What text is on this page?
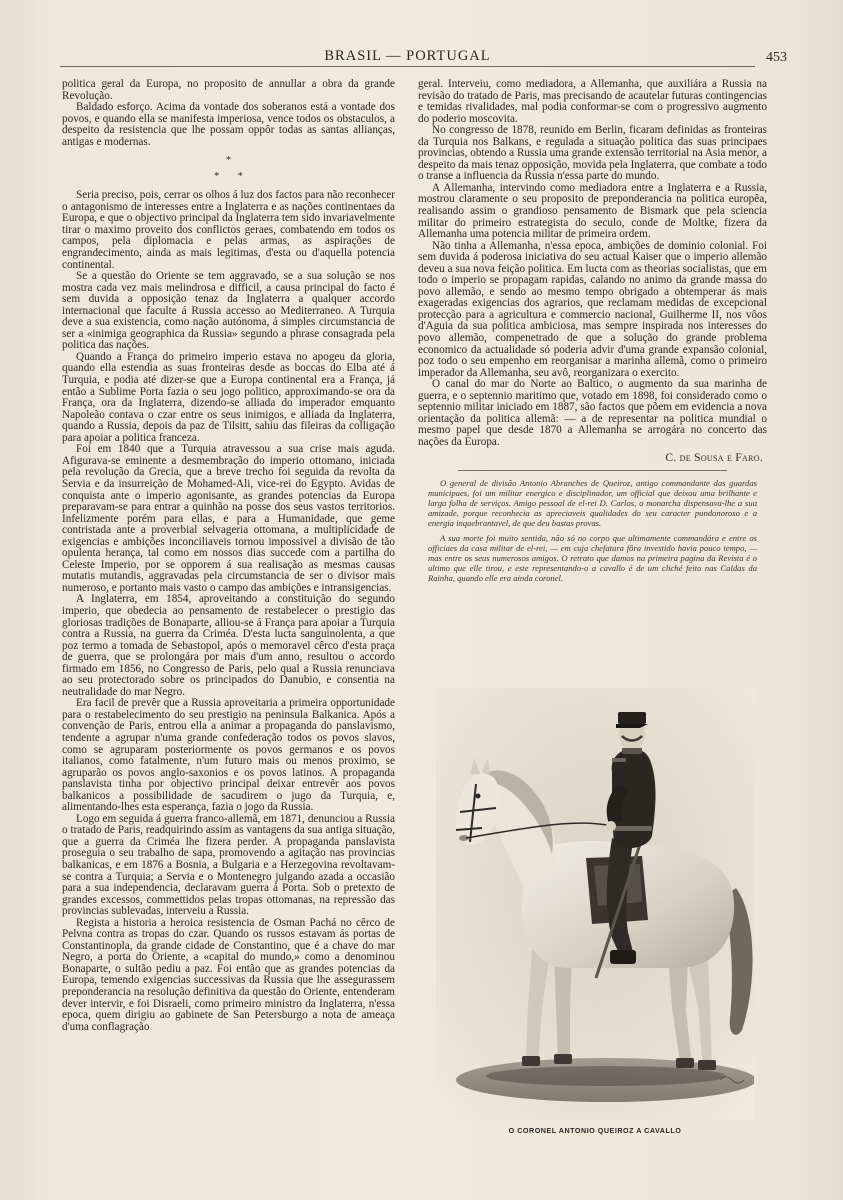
BRASIL — PORTUGAL	453

politica geral da Europa, no proposito de annullar a obra da grande Revolução.

Baldado esforço. Acima da vontade dos soberanos está a vontade dos povos, e quando ella se manifesta imperiosa, vence todos os obstaculos, a despeito da resistencia que lhe possam oppôr todas as santas allianças, antigas e modernas.

*
* *

Seria preciso, pois, cerrar os olhos á luz dos factos para não reconhecer o antagonismo de interesses entre a Inglaterra e as nações continentaes da Europa, e que o objectivo principal da Inglaterra tem sido invariavelmente tirar o maximo proveito dos conflictos geraes, combatendo em todos os campos, pela diplomacia e pelas armas, as aspirações de engrandecimento, ainda as mais legitimas, d'esta ou d'aquella potencia continental.

Se a questão do Oriente se tem aggravado, se a sua solução se nos mostra cada vez mais melindrosa e difficil, a causa principal do facto é sem duvida a opposição tenaz da Inglaterra a qualquer accordo internacional que faculte á Russia accesso ao Mediterraneo. A Turquia deve a sua existencia, como nação autónoma, á simples circumstancia de ser a «inimiga geographica da Russia» segundo a phrase consagrada pela politica das nações.

Quando a França do primeiro imperio estava no apogeu da gloria, quando ella estendia as suas fronteiras desde as boccas do Elba até á Turquia, e podia até dizer-se que a Europa continental era a França, já então a Sublime Porta fazia o seu jogo politico, approximando-se ora da França, ora da Inglaterra, dizendo-se alliada do imperador emquanto Napoleão contava o czar entre os seus inimigos, e alliada da Inglaterra, quando a Russia, depois da paz de Tilsitt, sahiu das fileiras da colligação para apoiar a politica franceza.

Foi em 1840 que a Turquia atravessou a sua crise mais aguda. Afigurava-se eminente a desmembração do imperio ottomano, iniciada pela revolução da Grecia, que a breve trecho foi seguida da revolta da Servia e da insurreição de Mohamed-Ali, vice-rei do Egypto. Avidas de conquista ante o imperio agonisante, as grandes potencias da Europa preparavam-se para entrar a quinhão na posse dos seus vastos territorios. Infelizmente porém para ellas, e para a Humanidade, que geme contristada ante a proverbial selvageria ottomana, a multiplicidade de exigencias e ambições inconciliaveis tornou impossivel a divisão de tão opulenta herança, tal como em nossos dias succede com a partilha do Celeste Imperio, por se opporem á sua realisação as mesmas causas mutatis mutandis, aggravadas pela circumstancia de ser o divisor mais numeroso, e portanto mais vasto o campo das ambições e intransigencias.

A Inglaterra, em 1854, aproveitando a constituição do segundo imperio, que obedecia ao pensamento de restabelecer o prestigio das gloriosas tradições de Bonaparte, alliou-se á França para apoiar a Turquia contra a Russia, na guerra da Criméa. D'esta lucta sanguinolenta, a que poz termo a tomada de Sebastopol, após o memoravel cêrco d'esta praça de guerra, que se prolongára por mais d'um anno, resultou o accordo firmado em 1856, no Congresso de Paris, pelo qual a Russia renunciava ao seu protectorado sobre os principados do Danubio, e consentia na neutralidade do mar Negro.

Era facil de prevêr que a Russia aproveitaria a primeira opportunidade para o restabelecimento do seu prestigio na peninsula Balkanica. Após a convenção de Paris, entrou ella a animar a propaganda do panslavismo, tendente a agrupar n'uma grande confederação todos os povos slavos, como se agruparam posteriormente os povos germanos e os povos italianos, como fatalmente, n'um futuro mais ou menos proximo, se agruparão os povos anglo-saxonios e os povos latinos. A propaganda panslavista tinha por objectivo principal deixar entrevêr aos povos balkanicos a possibilidade de sacudirem o jugo da Turquia, e, alimentando-lhes esta esperança, fazia o jogo da Russia.

Logo em seguida á guerra franco-allemã, em 1871, denunciou a Russia o tratado de Paris, readquirindo assim as vantagens da sua antiga situação, que a guerra da Criméa lhe fizera perder. A propaganda panslavista proseguia o seu trabalho de sapa, promovendo a agitação nas provincias balkanicas, e em 1876 a Bosnia, a Bulgaria e a Herzegovina revoltavam-se contra a Turquia; a Servia e o Montenegro julgando azada a occasião para a sua independencia, declaravam guerra á Porta. Sob o pretexto de grandes excessos, commettidos pelas tropas ottomanas, na repressão das provincias sublevadas, interveiu a Russia.

Regista a historia a heroica resistencia de Osman Pachá no cêrco de Pelvna contra as tropas do czar. Quando os russos estavam ás portas de Constantinopla, da grande cidade de Constantino, que é a chave do mar Negro, a porta do Oriente, a «capital do mundo,» como a denominou Bonaparte, o sultão pediu a paz. Foi então que as grandes potencias da Europa, temendo exigencias successivas da Russia que lhe assegurassem preponderancia na resolução definitiva da questão do Oriente, entenderam dever intervir, e foi Disraeli, como primeiro ministro da Inglaterra, n'essa epoca, quem dirigiu ao gabinete de San Petersburgo a nota de ameaça d'uma conflagração

geral. Interveiu, como mediadora, a Allemanha, que auxiliára a Russia na revisão do tratado de Paris, mas precisando de acautelar futuras contingencias e temidas rivalidades, mal podia conformar-se com o progressivo augmento do poderio moscovita.

No congresso de 1878, reunido em Berlin, ficaram definidas as fronteiras da Turquia nos Balkans, e regulada a situação politica das suas principaes provincias, obtendo a Russia uma grande extensão territorial na Asia menor, a despeito da mais tenaz opposição, movida pela Inglaterra, que combate a todo o transe a influencia da Russia n'essa parte do mundo.

A Allemanha, intervindo como mediadora entre a Inglaterra e a Russia, mostrou claramente o seu proposito de preponderancia na politica europêa, realisando assim o grandioso pensamento de Bismark que pela sciencia militar do primeiro estrategista do seculo, conde de Moltke, fizera da Allemanha uma potencia militar de primeira ordem.

Não tinha a Allemanha, n'essa epoca, ambições de dominio colonial. Foi sem duvida á poderosa iniciativa do seu actual Kaiser que o imperio allemão deveu a sua nova feição politica. Em lucta com as theorias socialistas, que em todo o imperio se propagam rapidas, calando no animo da grande massa do povo allemão, e sendo ao mesmo tempo obrigado a obtemperar ás mais exageradas exigencias dos agrarios, que reclamam medidas de excepcional protecção para a agricultura e commercio nacional, Guilherme II, nos vôos d'Aguia da sua politica ambiciosa, mas sempre inspirada nos interesses do povo allemão, compenetrado de que a solução do grande problema economico da actualidade só poderia advir d'uma grande expansão colonial, poz todo o seu empenho em reorganisar a marinha allemã, como o primeiro imperador da Allemanha, seu avô, reorganizara o exercito.

O canal do mar do Norte ao Baltico, o augmento da sua marinha de guerra, e o septennio maritimo que, votado em 1898, foi considerado como o septennio militar iniciado em 1887, são factos que põem em evidencia a nova orientação da politica allemã: — a de representar na politica mundial o mesmo papel que desde 1870 a Allemanha se arrogára no concerto das nações da Europa.

C. de Sousa e Faro.

O general de divisão Antonio Abranches de Queiroz, antigo commandante das guardas municipaes, foi um militar energico e disciplinador, um official que deixou uma brilhante e larga folha de serviços. Amigo pessoal de el-rei D. Carlos, o monarcha dispensava-lhe a sua amizade, porque reconhecia as apreciaveis qualidades do seu caracter pundonoroso e a energia inquebrantavel, de que deu bastas provas.

A sua morte foi muito sentida, não só no corpo que ultimamente commandára e entre os officiaes da casa militar de el-rei, — em cuja chefatura fôra investido havia pouco tempo, — mas entre os seus numerosos amigos. O retrato que damos na primeira pagina da Revista é o ultimo que elle tirou, e este representando-o a cavallo é de um cliché feito nas Caldas da Rainha, quando elle era ainda coronel.

O CORONEL ANTONIO QUEIROZ A CAVALLO
